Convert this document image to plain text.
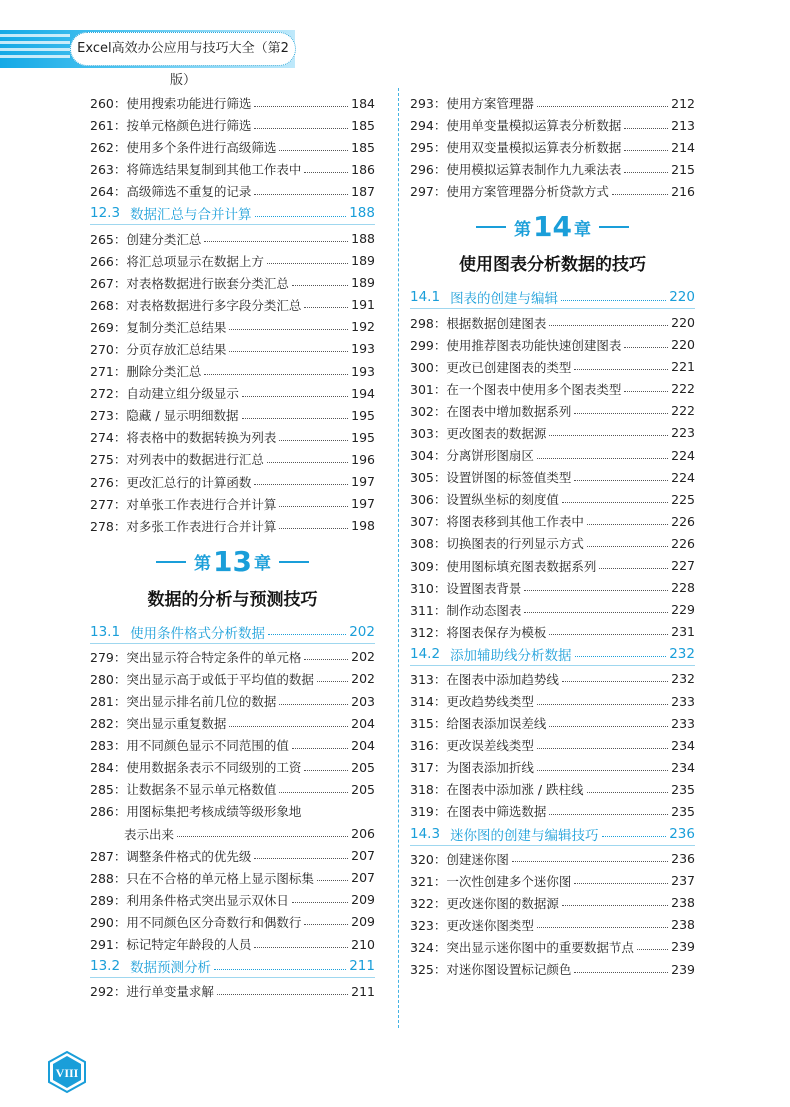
Excel高效办公应用与技巧大全（第2版）
260：使用搜索功能进行筛选	184
261：按单元格颜色进行筛选	185
262：使用多个条件进行高级筛选	185
263：将筛选结果复制到其他工作表中	186
264：高级筛选不重复的记录	187
12.3 数据汇总与合并计算	188
265：创建分类汇总	188
266：将汇总项显示在数据上方	189
267：对表格数据进行嵌套分类汇总	189
268：对表格数据进行多字段分类汇总	191
269：复制分类汇总结果	192
270：分页存放汇总结果	193
271：删除分类汇总	193
272：自动建立组分级显示	194
273：隐藏 / 显示明细数据	195
274：将表格中的数据转换为列表	195
275：对列表中的数据进行汇总	196
276：更改汇总行的计算函数	197
277：对单张工作表进行合并计算	197
278：对多张工作表进行合并计算	198
第 13 章
数据的分析与预测技巧
13.1 使用条件格式分析数据	202
279：突出显示符合特定条件的单元格	202
280：突出显示高于或低于平均值的数据	202
281：突出显示排名前几位的数据	203
282：突出显示重复数据	204
283：用不同颜色显示不同范围的值	204
284：使用数据条表示不同级别的工资	205
285：让数据条不显示单元格数值	205
286：用图标集把考核成绩等级形象地
表示出来	206
287：调整条件格式的优先级	207
288：只在不合格的单元格上显示图标集	207
289：利用条件格式突出显示双休日	209
290：用不同颜色区分奇数行和偶数行	209
291：标记特定年龄段的人员	210
13.2 数据预测分析	211
292：进行单变量求解	211
293：使用方案管理器	212
294：使用单变量模拟运算表分析数据	213
295：使用双变量模拟运算表分析数据	214
296：使用模拟运算表制作九九乘法表	215
297：使用方案管理器分析贷款方式	216
第 14 章
使用图表分析数据的技巧
14.1 图表的创建与编辑	220
298：根据数据创建图表	220
299：使用推荐图表功能快速创建图表	220
300：更改已创建图表的类型	221
301：在一个图表中使用多个图表类型	222
302：在图表中增加数据系列	222
303：更改图表的数据源	223
304：分离饼形图扇区	224
305：设置饼图的标签值类型	224
306：设置纵坐标的刻度值	225
307：将图表移到其他工作表中	226
308：切换图表的行列显示方式	226
309：使用图标填充图表数据系列	227
310：设置图表背景	228
311：制作动态图表	229
312：将图表保存为模板	231
14.2 添加辅助线分析数据	232
313：在图表中添加趋势线	232
314：更改趋势线类型	233
315：给图表添加误差线	233
316：更改误差线类型	234
317：为图表添加折线	234
318：在图表中添加涨 / 跌柱线	235
319：在图表中筛选数据	235
14.3 迷你图的创建与编辑技巧	236
320：创建迷你图	236
321：一次性创建多个迷你图	237
322：更改迷你图的数据源	238
323：更改迷你图类型	238
324：突出显示迷你图中的重要数据节点	239
325：对迷你图设置标记颜色	239
VIII
